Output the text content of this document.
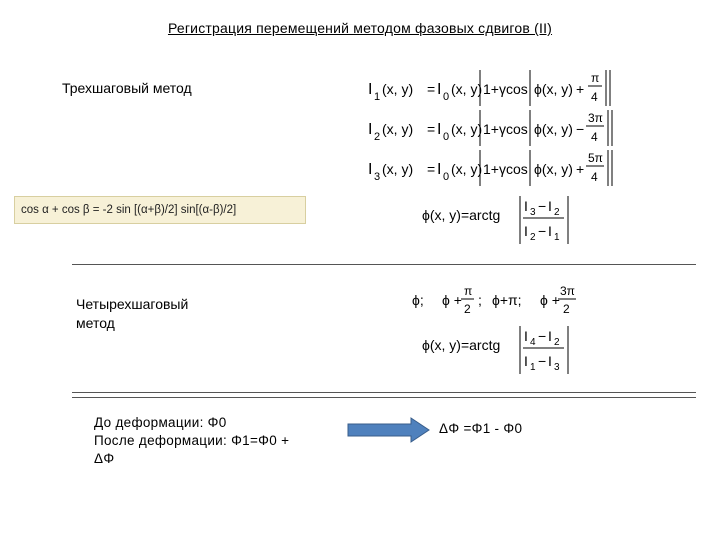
Регистрация перемещений методом фазовых сдвигов (II)
Трехшаговый метод	I 1 (x, y) = I 0 (x, y) 1+γcos ϕ(x, y) +
π
4
I 2 (x, y) = I 0 (x, y) 1+γcos ϕ(x, y) −
3π
4
I 3 (x, y) = I 0 (x, y) 1+γcos ϕ(x, y) +
5π
4
cos α + cos β = -2 sin [(α+β)/2] sin[(α-β)/2]	ϕ(x, y)=arctg
I 3 − I 2
I 2 − I 1
Четырехшаговый
метод
ϕ; ϕ +
π
2
; ϕ+π; ϕ +
3π
2
ϕ(x, y)=arctg
I 4 − I 2
I 1 − I 3
До деформации: Φ0
После деформации: Φ1=Φ0 +
ΔΦ
ΔΦ =Φ1 - Φ0
